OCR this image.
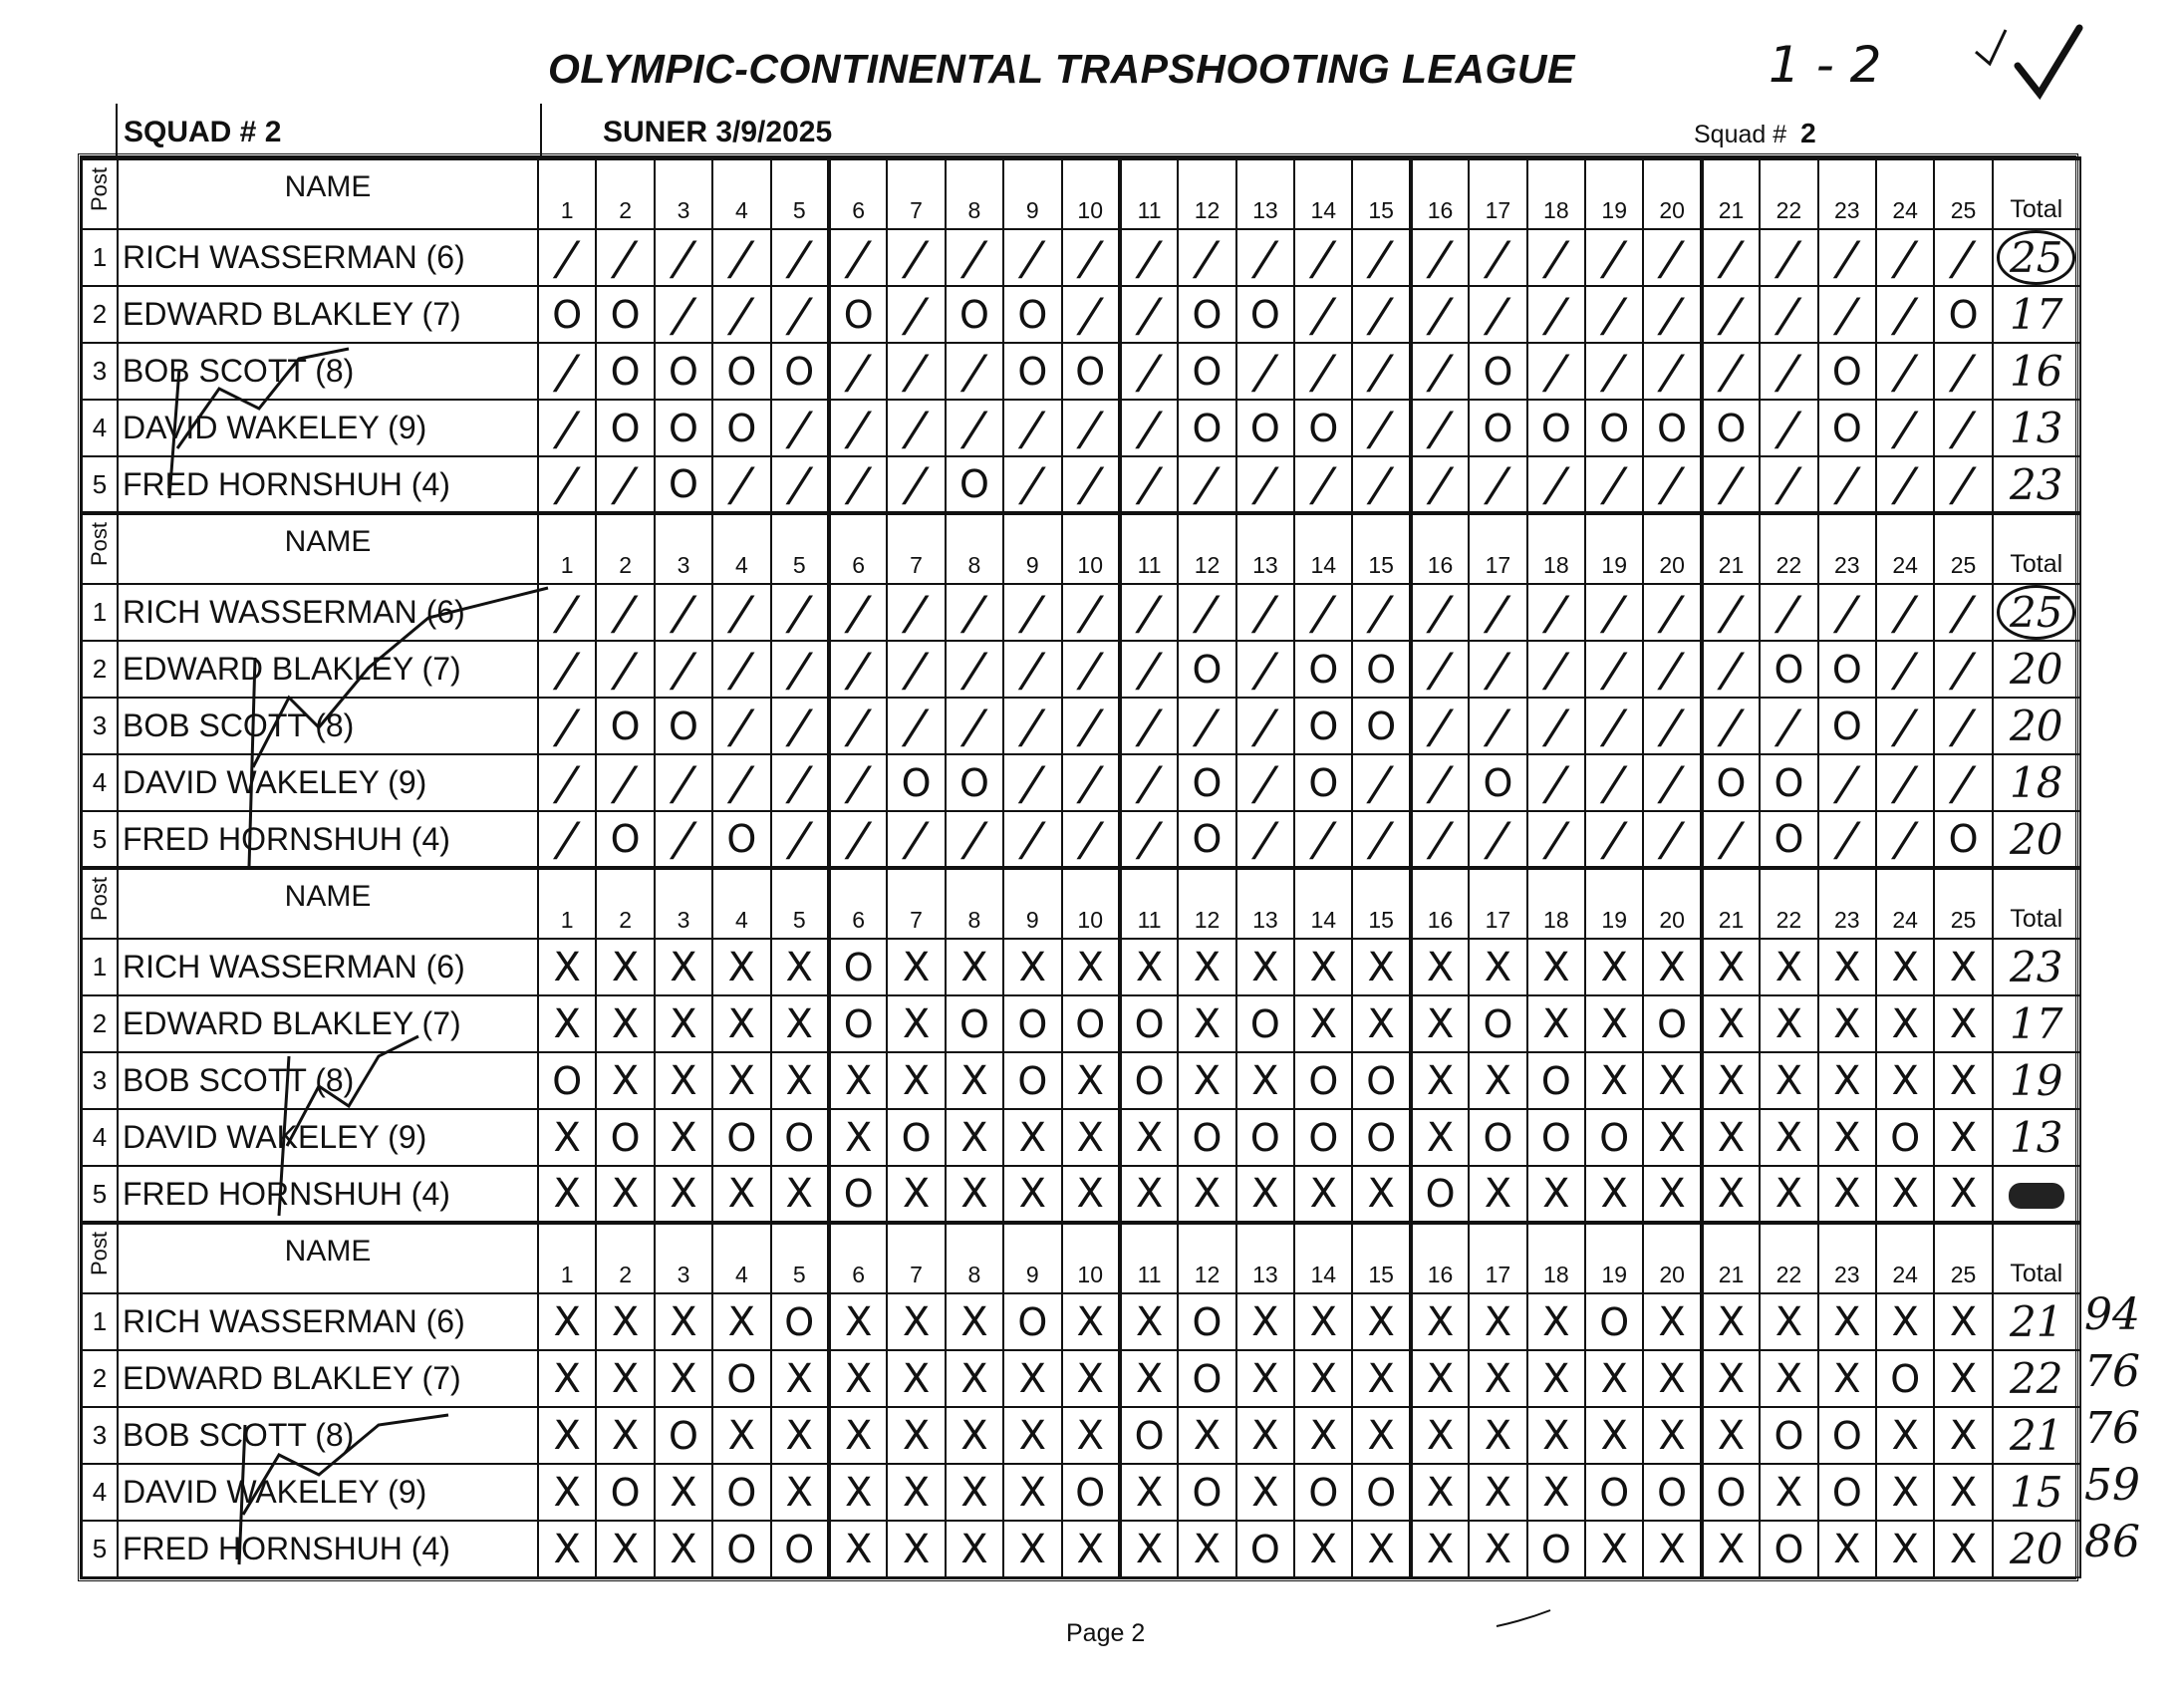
OLYMPIC-CONTINENTAL TRAPSHOOTING LEAGUE	1 - 2
SQUAD # 2	SUNER 3/9/2025	Squad # 2
Post	NAME	1	2	3	4	5	6	7	8	9	10	11	12	13	14	15	16	17	18	19	20	21	22	23	24	25	Total
1	RICH WASSERMAN (6)	/	/	/	/	/	/	/	/	/	/	/	/	/	/	/	/	/	/	/	/	/	/	/	/	/	25
2	EDWARD BLAKLEY (7)	O	O	/	/	/	O	/	O	O	/	/	O	O	/	/	/	/	/	/	/	/	/	/	/	O	17
3	BOB SCOTT (8)	/	O	O	O	O	/	/	/	O	O	/	O	/	/	/	/	O	/	/	/	/	/	O	/	/	16
4	DAVID WAKELEY (9)	/	O	O	O	/	/	/	/	/	/	/	O	O	O	/	/	O	O	O	O	O	/	O	/	/	13
5	FRED HORNSHUH (4)	/	/	O	/	/	/	/	O	/	/	/	/	/	/	/	/	/	/	/	/	/	/	/	/	/	23

Post	NAME	1	2	3	4	5	6	7	8	9	10	11	12	13	14	15	16	17	18	19	20	21	22	23	24	25	Total
1	RICH WASSERMAN (6)	/	/	/	/	/	/	/	/	/	/	/	/	/	/	/	/	/	/	/	/	/	/	/	/	/	25
2	EDWARD BLAKLEY (7)	/	/	/	/	/	/	/	/	/	/	/	O	/	O	O	/	/	/	/	/	/	O	O	/	/	20
3	BOB SCOTT (8)	/	O	O	/	/	/	/	/	/	/	/	/	/	O	O	/	/	/	/	/	/	/	O	/	/	20
4	DAVID WAKELEY (9)	/	/	/	/	/	/	O	O	/	/	/	O	/	O	/	/	O	/	/	/	O	O	/	/	/	18
5	FRED HORNSHUH (4)	/	O	/	O	/	/	/	/	/	/	/	O	/	/	/	/	/	/	/	/	/	O	/	/	O	20

Post	NAME	1	2	3	4	5	6	7	8	9	10	11	12	13	14	15	16	17	18	19	20	21	22	23	24	25	Total
1	RICH WASSERMAN (6)	X	X	X	X	X	O	X	X	X	X	X	X	X	X	X	X	X	X	X	X	X	X	X	X	X	23
2	EDWARD BLAKLEY (7)	X	X	X	X	X	O	X	O	O	O	O	X	O	X	X	X	O	X	X	O	X	X	X	X	X	17
3	BOB SCOTT (8)	O	X	X	X	X	X	X	X	O	X	O	X	X	O	O	X	X	O	X	X	X	X	X	X	X	19
4	DAVID WAKELEY (9)	X	O	X	O	O	X	O	X	X	X	X	O	O	O	O	X	O	O	O	X	X	X	X	O	X	13
5	FRED HORNSHUH (4)	X	X	X	X	X	O	X	X	X	X	X	X	X	X	X	O	X	X	X	X	X	X	X	X	X	

Post	NAME	1	2	3	4	5	6	7	8	9	10	11	12	13	14	15	16	17	18	19	20	21	22	23	24	25	Total
1	RICH WASSERMAN (6)	X	X	X	X	O	X	X	X	O	X	X	O	X	X	X	X	X	X	O	X	X	X	X	X	X	21
2	EDWARD BLAKLEY (7)	X	X	X	O	X	X	X	X	X	X	X	O	X	X	X	X	X	X	X	X	X	X	X	O	X	22
3	BOB SCOTT (8)	X	X	O	X	X	X	X	X	X	X	O	X	X	X	X	X	X	X	X	X	X	O	O	X	X	21
4	DAVID WAKELEY (9)	X	O	X	O	X	X	X	X	X	O	X	O	X	O	O	X	X	X	O	O	O	X	O	X	X	15
5	FRED HORNSHUH (4)	X	X	X	O	O	X	X	X	X	X	X	X	O	X	X	X	X	O	X	X	X	O	X	X	X	20
94
76
76
59
86
Page 2
